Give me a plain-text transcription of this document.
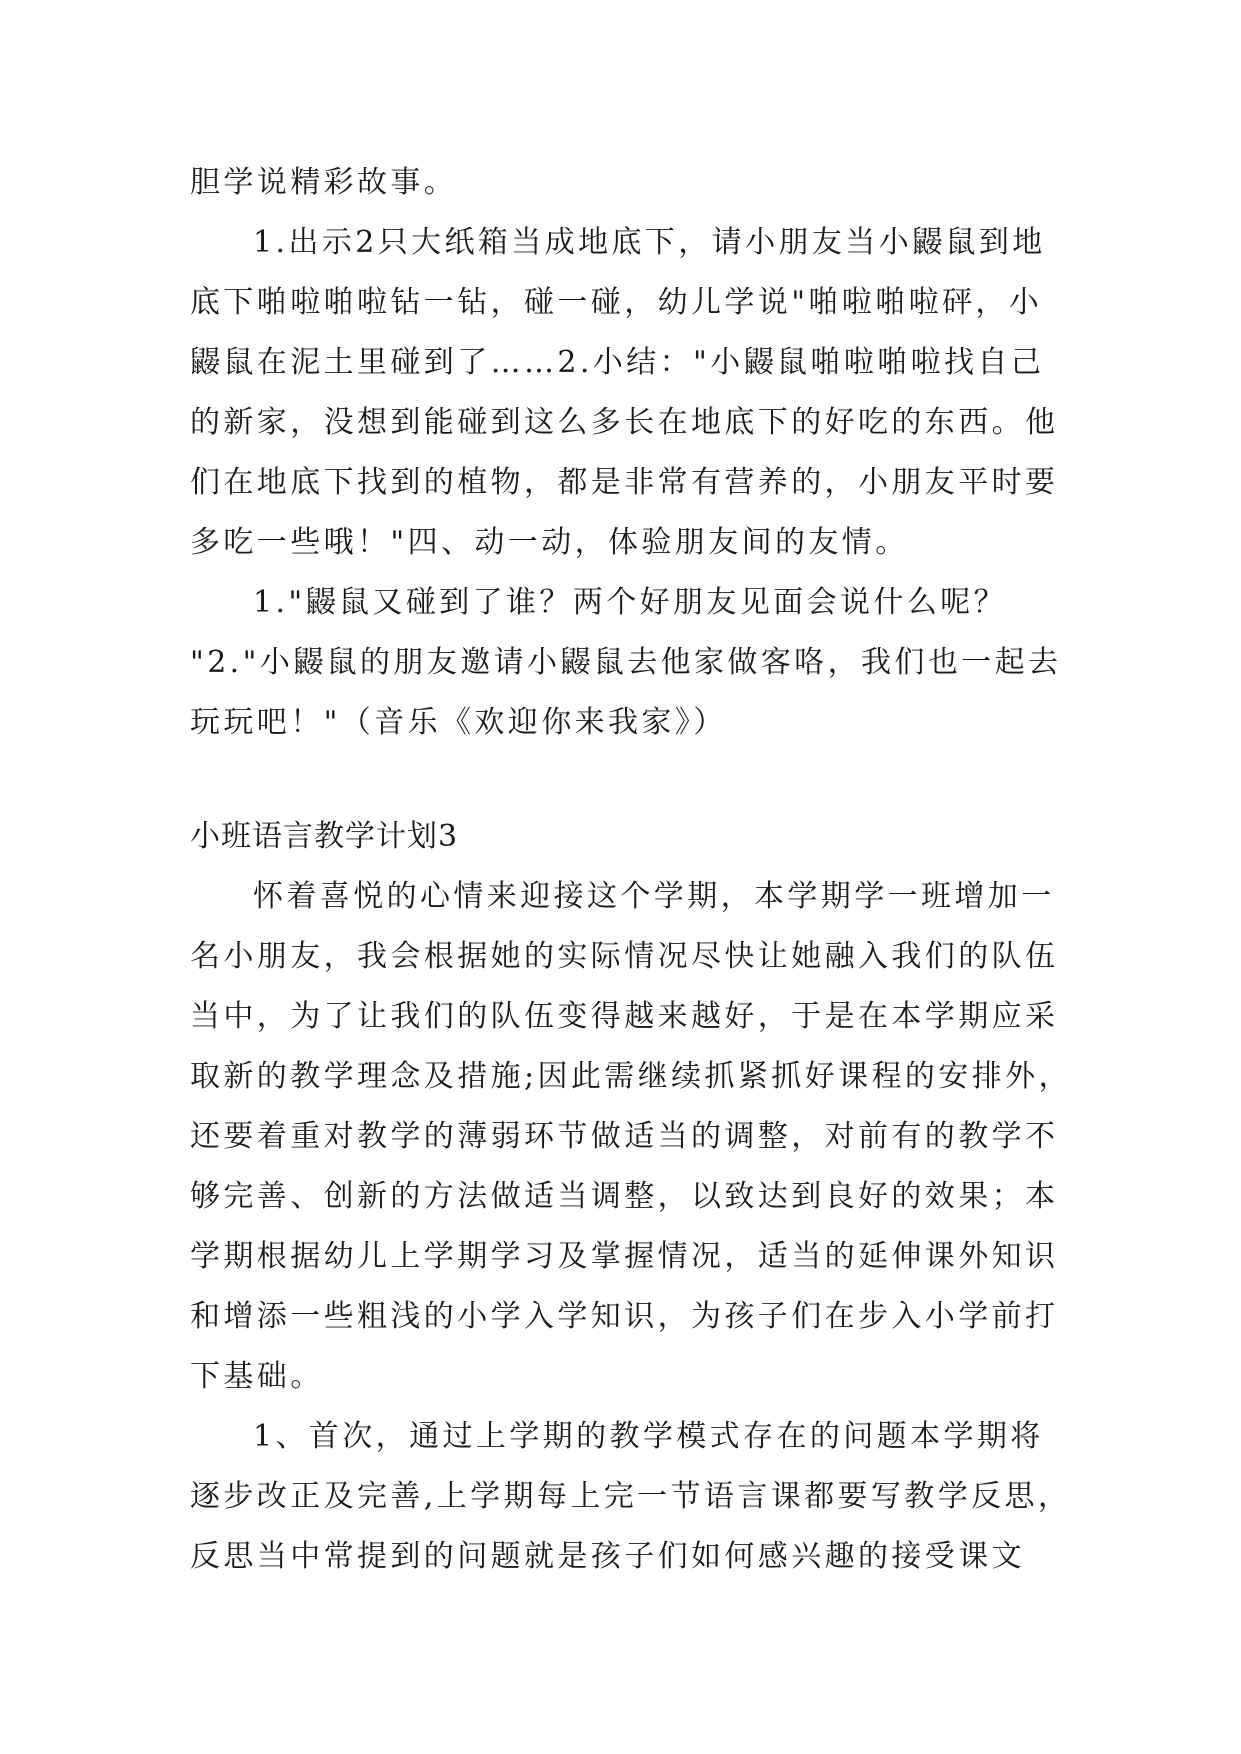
胆学说精彩故事。
1.出示2只大纸箱当成地底下，请小朋友当小鼹鼠到地
底下啪啦啪啦钻一钻，碰一碰，幼儿学说"啪啦啪啦砰，小
鼹鼠在泥土里碰到了……2.小结："小鼹鼠啪啦啪啦找自己
的新家，没想到能碰到这么多长在地底下的好吃的东西。他
们在地底下找到的植物，都是非常有营养的，小朋友平时要
多吃一些哦！"四、动一动，体验朋友间的友情。
1."鼹鼠又碰到了谁？两个好朋友见面会说什么呢？
"2."小鼹鼠的朋友邀请小鼹鼠去他家做客咯，我们也一起去
玩玩吧！"（音乐《欢迎你来我家》）
小班语言教学计划3
怀着喜悦的心情来迎接这个学期，本学期学一班增加一
名小朋友，我会根据她的实际情况尽快让她融入我们的队伍
当中，为了让我们的队伍变得越来越好，于是在本学期应采
取新的教学理念及措施;因此需继续抓紧抓好课程的安排外，
还要着重对教学的薄弱环节做适当的调整，对前有的教学不
够完善、创新的方法做适当调整，以致达到良好的效果；本
学期根据幼儿上学期学习及掌握情况，适当的延伸课外知识
和增添一些粗浅的小学入学知识，为孩子们在步入小学前打
下基础。
1、首次，通过上学期的教学模式存在的问题本学期将
逐步改正及完善,上学期每上完一节语言课都要写教学反思，
反思当中常提到的问题就是孩子们如何感兴趣的接受课文
